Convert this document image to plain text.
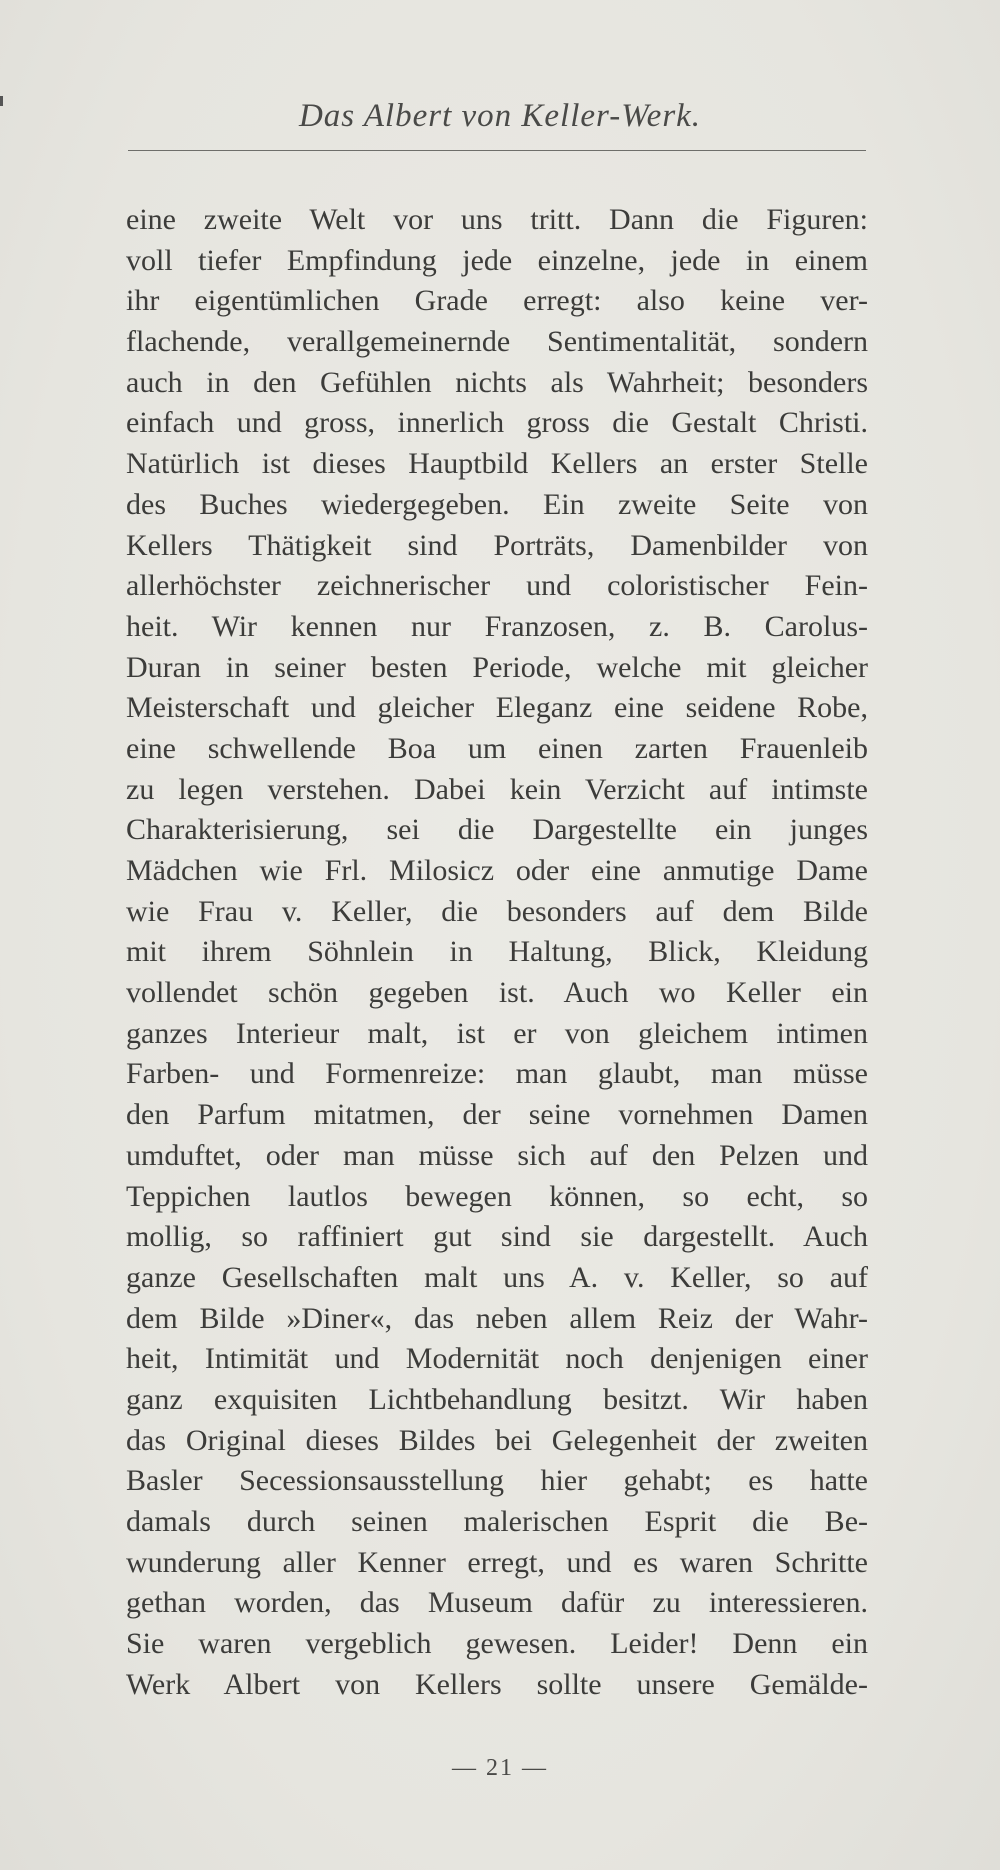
Das Albert von Keller-Werk.
eine zweite Welt vor uns tritt. Dann die Figuren:
voll tiefer Empfindung jede einzelne, jede in einem
ihr eigentümlichen Grade erregt: also keine ver-
flachende, verallgemeinernde Sentimentalität, sondern
auch in den Gefühlen nichts als Wahrheit; besonders
einfach und gross, innerlich gross die Gestalt Christi.
Natürlich ist dieses Hauptbild Kellers an erster Stelle
des Buches wiedergegeben. Ein zweite Seite von
Kellers Thätigkeit sind Porträts, Damenbilder von
allerhöchster zeichnerischer und coloristischer Fein-
heit. Wir kennen nur Franzosen, z. B. Carolus-
Duran in seiner besten Periode, welche mit gleicher
Meisterschaft und gleicher Eleganz eine seidene Robe,
eine schwellende Boa um einen zarten Frauenleib
zu legen verstehen. Dabei kein Verzicht auf intimste
Charakterisierung, sei die Dargestellte ein junges
Mädchen wie Frl. Milosicz oder eine anmutige Dame
wie Frau v. Keller, die besonders auf dem Bilde
mit ihrem Söhnlein in Haltung, Blick, Kleidung
vollendet schön gegeben ist. Auch wo Keller ein
ganzes Interieur malt, ist er von gleichem intimen
Farben- und Formenreize: man glaubt, man müsse
den Parfum mitatmen, der seine vornehmen Damen
umduftet, oder man müsse sich auf den Pelzen und
Teppichen lautlos bewegen können, so echt, so
mollig, so raffiniert gut sind sie dargestellt. Auch
ganze Gesellschaften malt uns A. v. Keller, so auf
dem Bilde »Diner«, das neben allem Reiz der Wahr-
heit, Intimität und Modernität noch denjenigen einer
ganz exquisiten Lichtbehandlung besitzt. Wir haben
das Original dieses Bildes bei Gelegenheit der zweiten
Basler Secessionsausstellung hier gehabt; es hatte
damals durch seinen malerischen Esprit die Be-
wunderung aller Kenner erregt, und es waren Schritte
gethan worden, das Museum dafür zu interessieren.
Sie waren vergeblich gewesen. Leider! Denn ein
Werk Albert von Kellers sollte unsere Gemälde-
— 21 —
